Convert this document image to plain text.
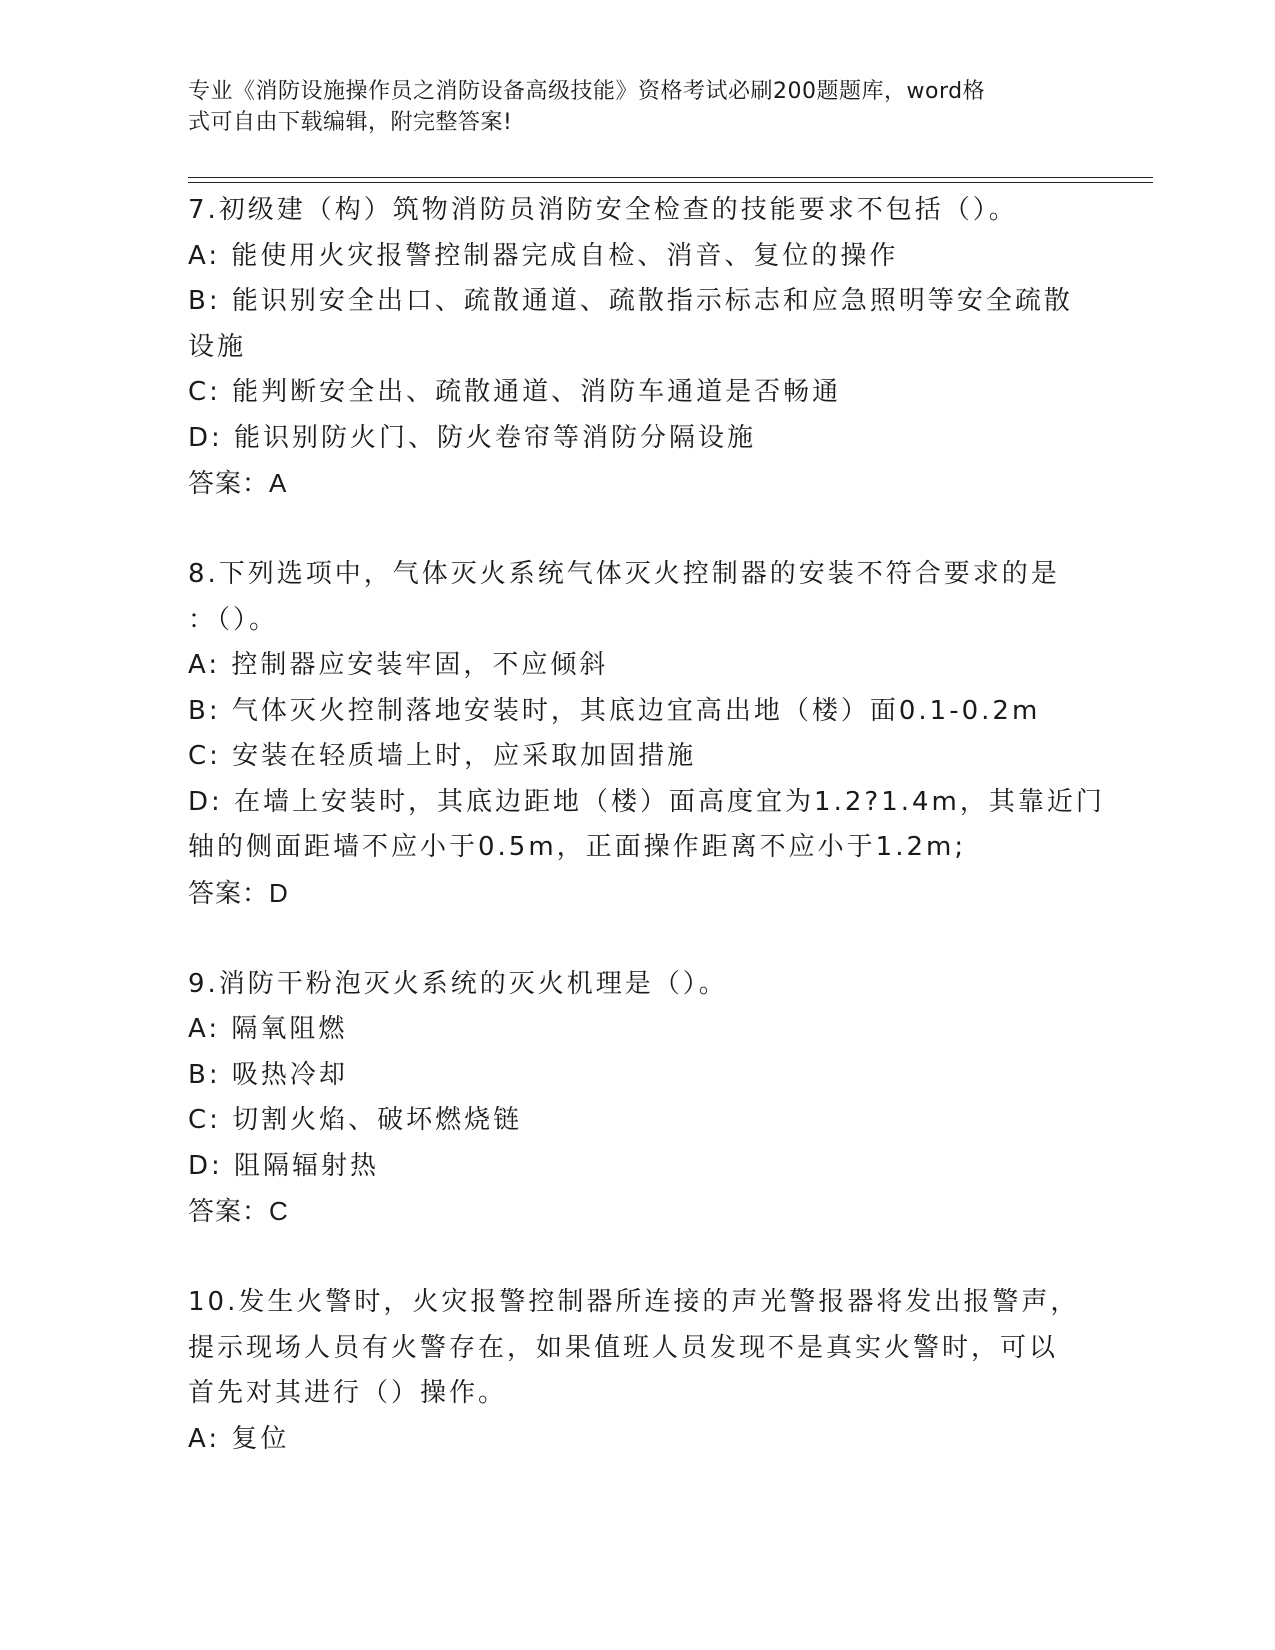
专业《消防设施操作员之消防设备高级技能》资格考试必刷200题题库，word格
式可自由下载编辑，附完整答案!
7.初级建（构）筑物消防员消防安全检查的技能要求不包括（）。
A: 能使用火灾报警控制器完成自检、消音、复位的操作
B: 能识别安全出口、疏散通道、疏散指示标志和应急照明等安全疏散
设施
C: 能判断安全出、疏散通道、消防车通道是否畅通
D: 能识别防火门、防火卷帘等消防分隔设施
答案：A
8.下列选项中，气体灭火系统气体灭火控制器的安装不符合要求的是
：（）。
A: 控制器应安装牢固，不应倾斜
B: 气体灭火控制落地安装时，其底边宜高出地（楼）面0.1-0.2m
C: 安装在轻质墙上时，应采取加固措施
D: 在墙上安装时，其底边距地（楼）面高度宜为1.2?1.4m，其靠近门
轴的侧面距墙不应小于0.5m，正面操作距离不应小于1.2m;
答案：D
9.消防干粉泡灭火系统的灭火机理是（）。
A: 隔氧阻燃
B: 吸热冷却
C: 切割火焰、破坏燃烧链
D: 阻隔辐射热
答案：C
10.发生火警时，火灾报警控制器所连接的声光警报器将发出报警声，
提示现场人员有火警存在，如果值班人员发现不是真实火警时，可以
首先对其进行（）操作。
A: 复位
